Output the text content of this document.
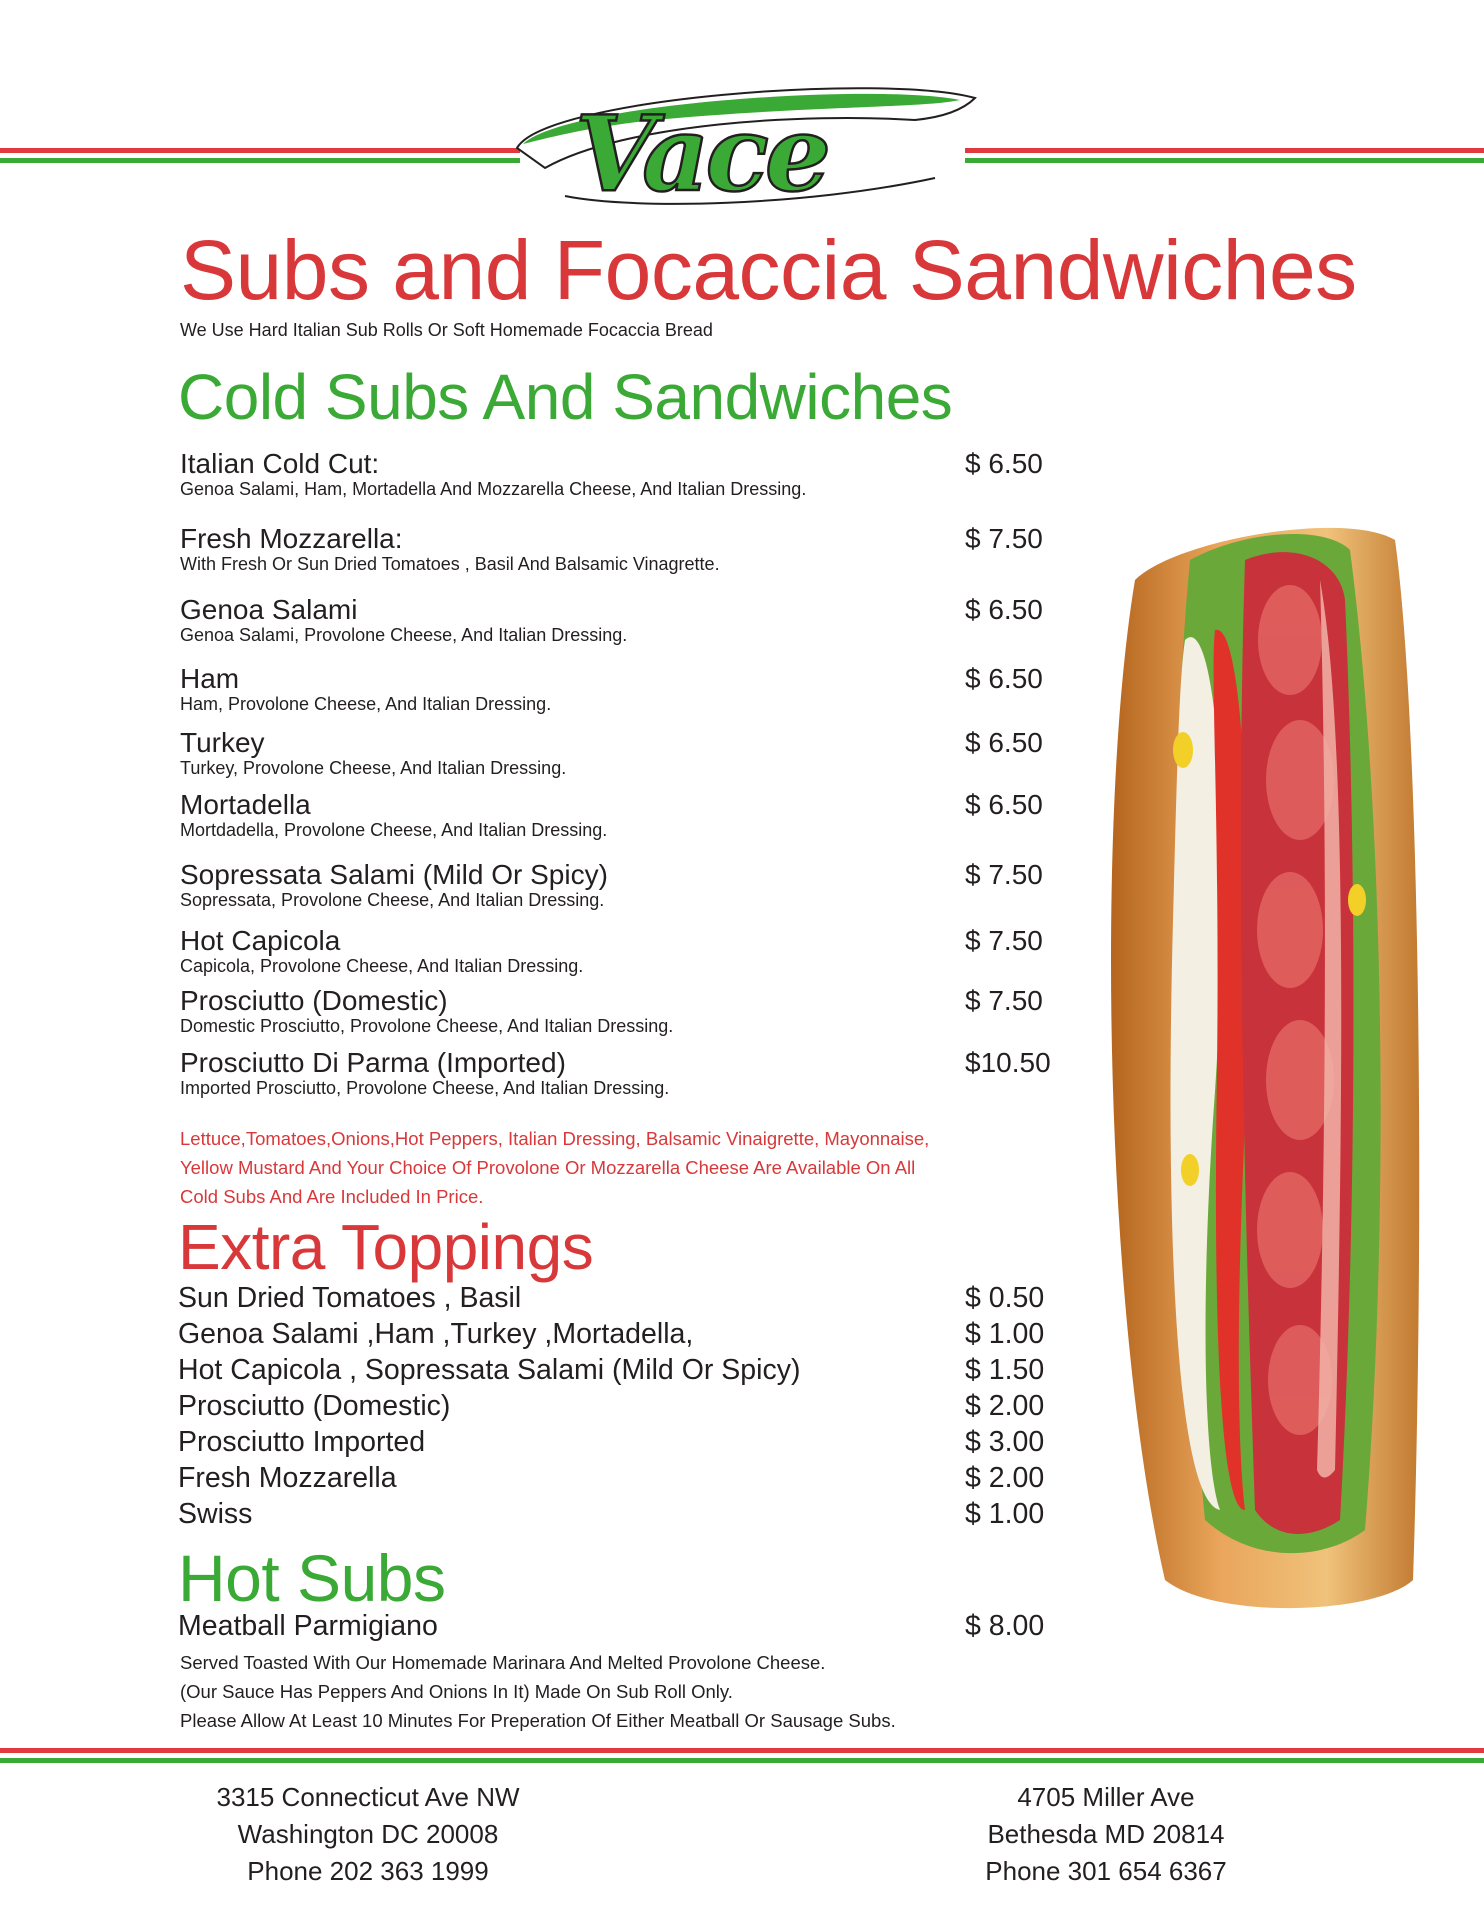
Vace
Subs and Focaccia Sandwiches
We Use Hard Italian Sub Rolls Or Soft Homemade Focaccia Bread
Cold Subs And Sandwiches
Italian Cold Cut:
Genoa Salami, Ham, Mortadella And Mozzarella Cheese, And Italian Dressing.
$ 6.50
Fresh Mozzarella:
With Fresh Or Sun Dried Tomatoes , Basil And Balsamic Vinagrette.
$ 7.50
Genoa Salami
Genoa Salami, Provolone Cheese, And Italian Dressing.
$ 6.50
Ham
Ham, Provolone Cheese, And Italian Dressing.
$ 6.50
Turkey
Turkey, Provolone Cheese, And Italian Dressing.
$ 6.50
Mortadella
Mortdadella, Provolone Cheese, And Italian Dressing.
$ 6.50
Sopressata Salami (Mild Or Spicy)
Sopressata, Provolone Cheese, And Italian Dressing.
$ 7.50
Hot Capicola
Capicola, Provolone Cheese, And Italian Dressing.
$ 7.50
Prosciutto (Domestic)
Domestic Prosciutto, Provolone Cheese, And Italian Dressing.
$ 7.50
Prosciutto Di Parma (Imported)
Imported Prosciutto, Provolone Cheese, And Italian Dressing.
$10.50
Lettuce,Tomatoes,Onions,Hot Peppers, Italian Dressing, Balsamic Vinaigrette, Mayonnaise,
Yellow Mustard And Your Choice Of Provolone Or Mozzarella Cheese Are Available On All
Cold Subs And Are Included In Price.
Extra Toppings
Sun Dried Tomatoes , Basil	$ 0.50
Genoa Salami ,Ham ,Turkey ,Mortadella,	$ 1.00
Hot Capicola , Sopressata Salami (Mild Or Spicy)	$ 1.50
Prosciutto (Domestic)	$ 2.00
Prosciutto Imported	$ 3.00
Fresh Mozzarella	$ 2.00
Swiss	$ 1.00
Hot Subs
Meatball Parmigiano	$ 8.00
Served Toasted With Our Homemade Marinara And Melted Provolone Cheese.
(Our Sauce Has Peppers And Onions In It) Made On Sub Roll Only.
Please Allow At Least 10 Minutes For Preperation Of Either Meatball Or Sausage Subs.
3315 Connecticut Ave NW
Washington DC 20008
Phone 202 363 1999
4705 Miller Ave
Bethesda MD 20814
Phone 301 654 6367
